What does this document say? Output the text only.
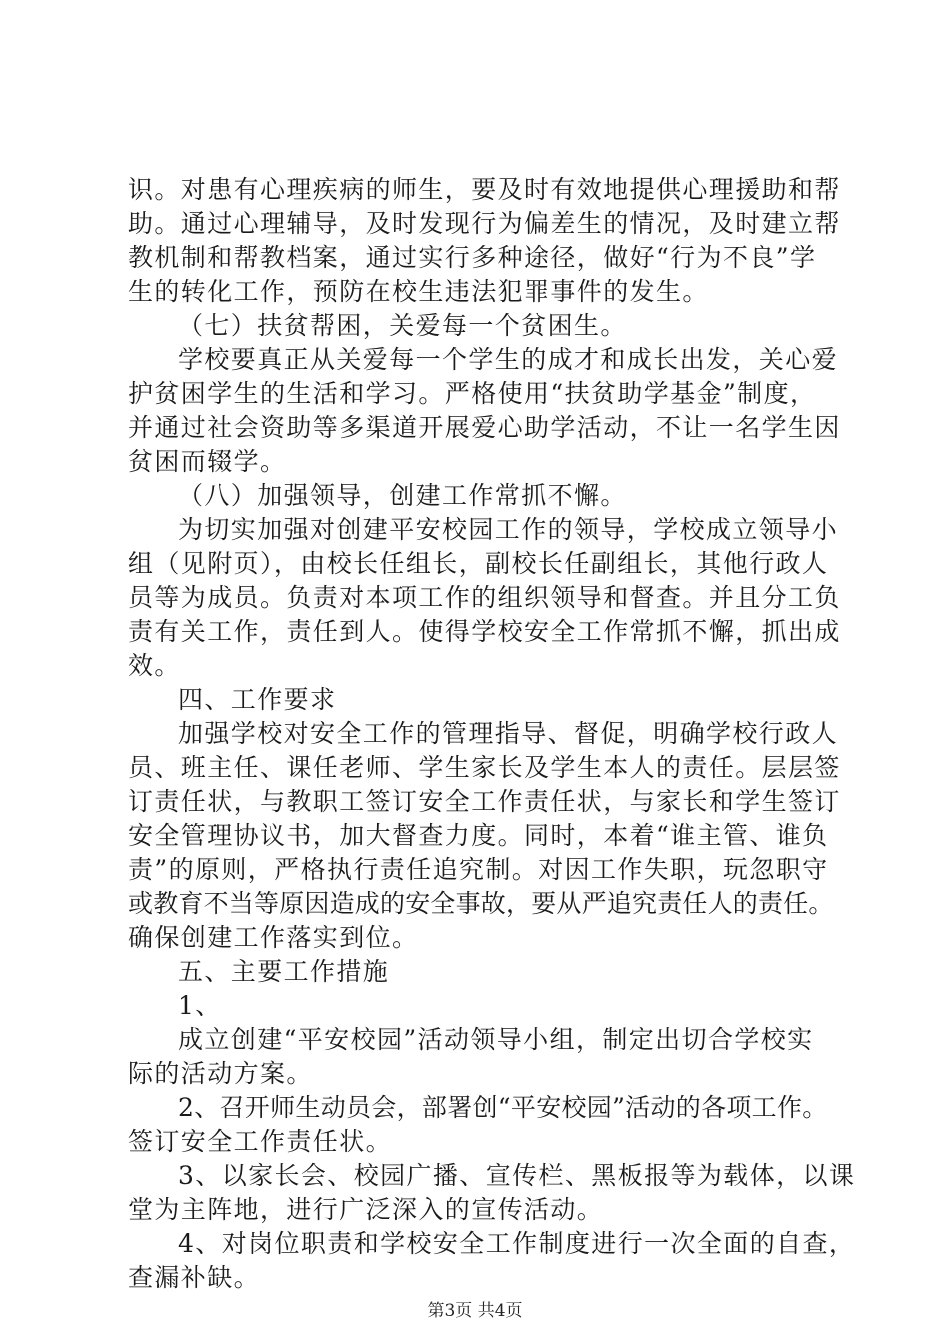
识。对患有心理疾病的师生，要及时有效地提供心理援助和帮
助。通过心理辅导，及时发现行为偏差生的情况，及时建立帮
教机制和帮教档案，通过实行多种途径，做好“行为不良”学
生的转化工作，预防在校生违法犯罪事件的发生。
（七）扶贫帮困，关爱每一个贫困生。
学校要真正从关爱每一个学生的成才和成长出发，关心爱
护贫困学生的生活和学习。严格使用“扶贫助学基金”制度，
并通过社会资助等多渠道开展爱心助学活动，不让一名学生因
贫困而辍学。
（八）加强领导，创建工作常抓不懈。
为切实加强对创建平安校园工作的领导，学校成立领导小
组（见附页），由校长任组长，副校长任副组长，其他行政人
员等为成员。负责对本项工作的组织领导和督查。并且分工负
责有关工作，责任到人。使得学校安全工作常抓不懈，抓出成
效。
四、工作要求
加强学校对安全工作的管理指导、督促，明确学校行政人
员、班主任、课任老师、学生家长及学生本人的责任。层层签
订责任状，与教职工签订安全工作责任状，与家长和学生签订
安全管理协议书，加大督查力度。同时，本着“谁主管、谁负
责”的原则，严格执行责任追究制。对因工作失职，玩忽职守
或教育不当等原因造成的安全事故，要从严追究责任人的责任。
确保创建工作落实到位。
五、主要工作措施
1、
成立创建“平安校园”活动领导小组，制定出切合学校实
际的活动方案。
2、召开师生动员会，部署创“平安校园”活动的各项工作。
签订安全工作责任状。
3、以家长会、校园广播、宣传栏、黑板报等为载体，以课
堂为主阵地，进行广泛深入的宣传活动。
4、对岗位职责和学校安全工作制度进行一次全面的自查，
查漏补缺。
第3页 共4页
